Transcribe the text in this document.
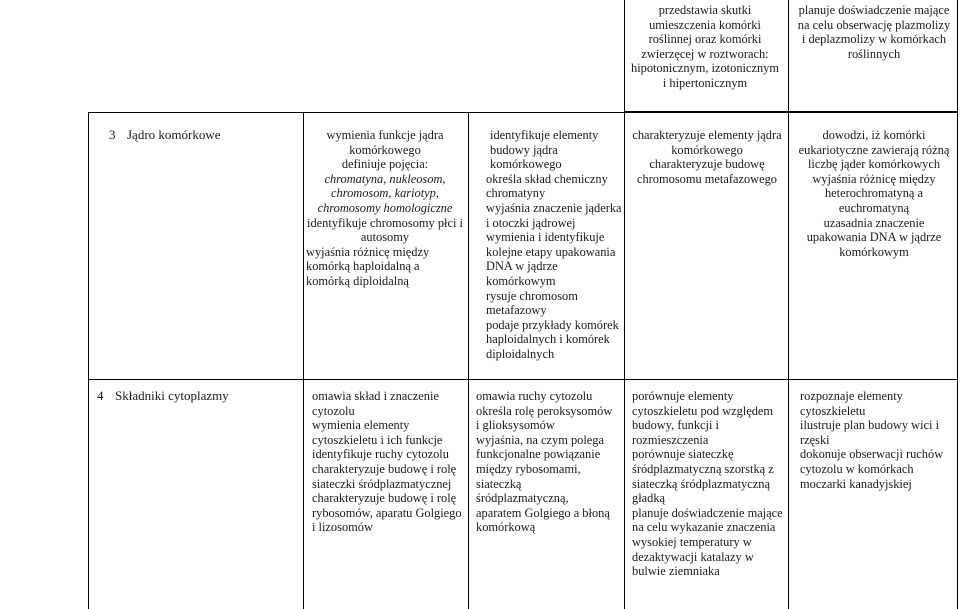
przedstawia skutki umieszczenia komórki roślinnej oraz komórki zwierzęcej w roztworach: hipotonicznym, izotonicznym i hipertonicznym
planuje doświadczenie mające na celu obserwację plazmolizy i deplazmolizy w komórkach roślinnych
3 Jądro komórkowe	wymienia funkcje jądra komórkowego
definiuje pojęcia:
chromatyna, nukleosom, chromosom, kariotyp, chromosomy homologiczne
identyfikuje chromosomy płci i autosomy
wyjaśnia różnicę między komórką haploidalną a komórką diploidalną
identyfikuje elementy budowy jądra komórkowego
określa skład chemiczny chromatyny
wyjaśnia znaczenie jąderka i otoczki jądrowej
wymienia i identyfikuje kolejne etapy upakowania DNA w jądrze komórkowym
rysuje chromosom metafazowy
podaje przykłady komórek haploidalnych i komórek diploidalnych
charakteryzuje elementy jądra komórkowego
charakteryzuje budowę chromosomu metafazowego
dowodzi, iż komórki eukariotyczne zawierają różną liczbę jąder komórkowych
wyjaśnia różnicę między heterochromatyną a euchromatyną
uzasadnia znaczenie upakowania DNA w jądrze komórkowym
4 Składniki cytoplazmy	omawia skład i znaczenie cytozolu
wymienia elementy cytoszkieletu i ich funkcje
identyfikuje ruchy cytozolu
charakteryzuje budowę i rolę siateczki śródplazmatycznej
charakteryzuje budowę i rolę rybosomów, aparatu Golgiego i lizosomów
omawia ruchy cytozolu
określa rolę peroksysomów i glioksysomów
wyjaśnia, na czym polega funkcjonalne powiązanie między rybosomami, siateczką śródplazmatyczną, aparatem Golgiego a błoną komórkową
porównuje elementy cytoszkieletu pod względem budowy, funkcji i rozmieszczenia
porównuje siateczkę śródplazmatyczną szorstką z siateczką śródplazmatyczną gładką
planuje doświadczenie mające na celu wykazanie znaczenia wysokiej temperatury w dezaktywacji katalazy w bulwie ziemniaka
rozpoznaje elementy cytoszkieletu
ilustruje plan budowy wici i rzęski
dokonuje obserwacji ruchów cytozolu w komórkach moczarki kanadyjskiej
